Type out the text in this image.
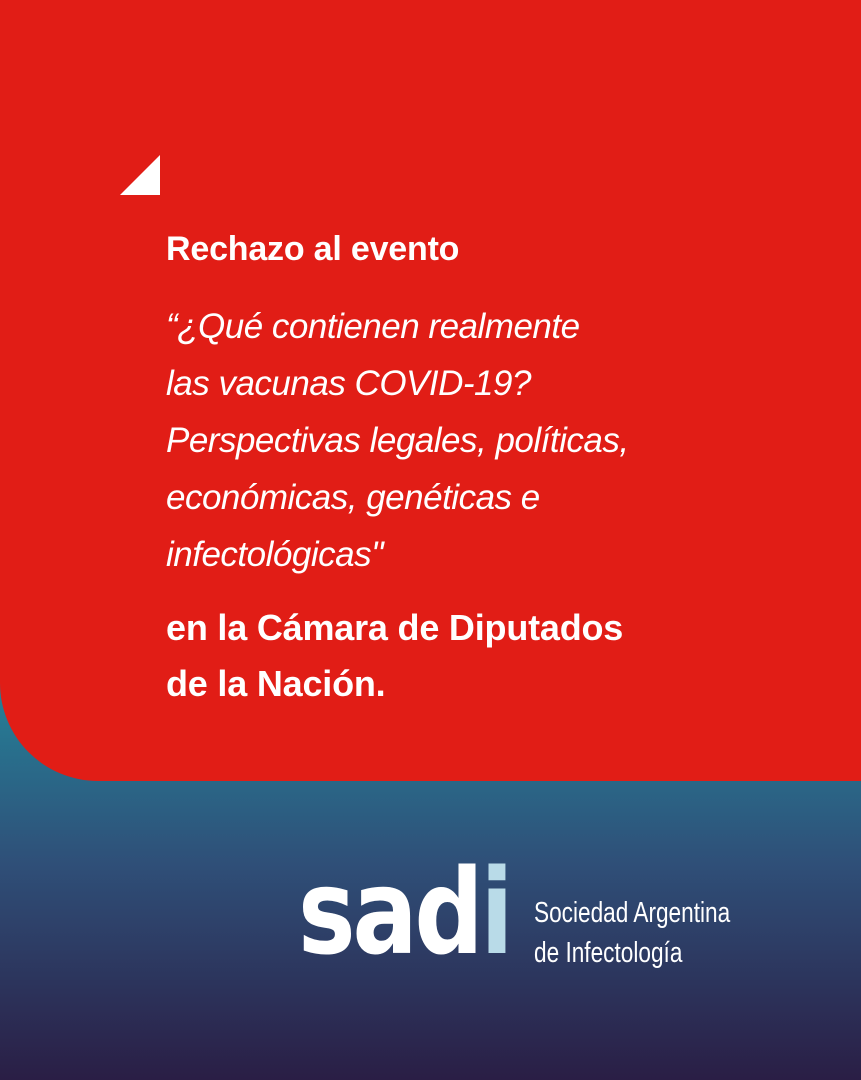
Rechazo al evento

“¿Qué contienen realmente
las vacunas COVID-19?
Perspectivas legales, políticas,
económicas, genéticas e
infectológicas"

en la Cámara de Diputados
de la Nación.

sadi Sociedad Argentina
de Infectología
